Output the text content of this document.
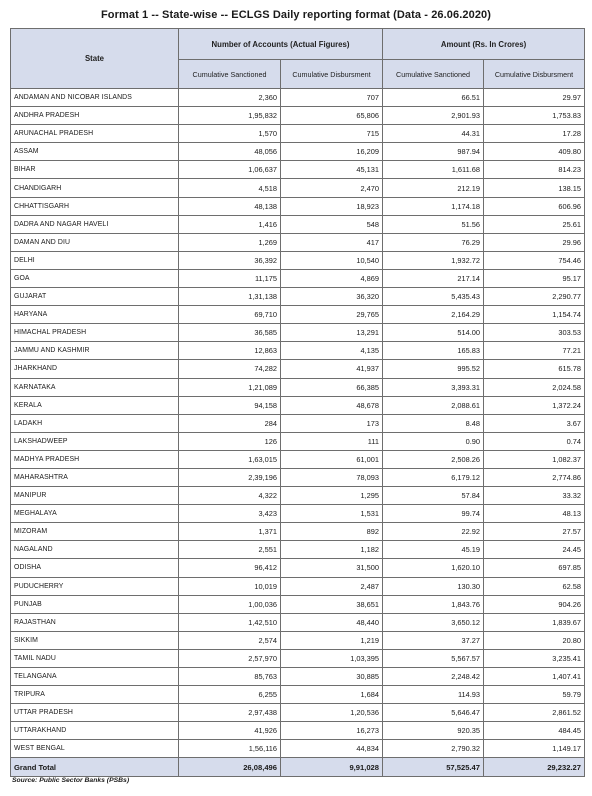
Format 1 -- State-wise -- ECLGS Daily reporting format (Data - 26.06.2020)
State	Number of Accounts (Actual Figures)		Amount (Rs. In Crores)	
	Cumulative Sanctioned	Cumulative Disbursment	Cumulative Sanctioned	Cumulative Disbursment
ANDAMAN AND NICOBAR ISLANDS	2,360	707	66.51	29.97
ANDHRA PRADESH	1,95,832	65,806	2,901.93	1,753.83
ARUNACHAL PRADESH	1,570	715	44.31	17.28
ASSAM	48,056	16,209	987.94	409.80
BIHAR	1,06,637	45,131	1,611.68	814.23
CHANDIGARH	4,518	2,470	212.19	138.15
CHHATTISGARH	48,138	18,923	1,174.18	606.96
DADRA AND NAGAR HAVELI	1,416	548	51.56	25.61
DAMAN AND DIU	1,269	417	76.29	29.96
DELHI	36,392	10,540	1,932.72	754.46
GOA	11,175	4,869	217.14	95.17
GUJARAT	1,31,138	36,320	5,435.43	2,290.77
HARYANA	69,710	29,765	2,164.29	1,154.74
HIMACHAL PRADESH	36,585	13,291	514.00	303.53
JAMMU AND KASHMIR	12,863	4,135	165.83	77.21
JHARKHAND	74,282	41,937	995.52	615.78
KARNATAKA	1,21,089	66,385	3,393.31	2,024.58
KERALA	94,158	48,678	2,088.61	1,372.24
LADAKH	284	173	8.48	3.67
LAKSHADWEEP	126	111	0.90	0.74
MADHYA PRADESH	1,63,015	61,001	2,508.26	1,082.37
MAHARASHTRA	2,39,196	78,093	6,179.12	2,774.86
MANIPUR	4,322	1,295	57.84	33.32
MEGHALAYA	3,423	1,531	99.74	48.13
MIZORAM	1,371	892	22.92	27.57
NAGALAND	2,551	1,182	45.19	24.45
ODISHA	96,412	31,500	1,620.10	697.85
PUDUCHERRY	10,019	2,487	130.30	62.58
PUNJAB	1,00,036	38,651	1,843.76	904.26
RAJASTHAN	1,42,510	48,440	3,650.12	1,839.67
SIKKIM	2,574	1,219	37.27	20.80
TAMIL NADU	2,57,970	1,03,395	5,567.57	3,235.41
TELANGANA	85,763	30,885	2,248.42	1,407.41
TRIPURA	6,255	1,684	114.93	59.79
UTTAR PRADESH	2,97,438	1,20,536	5,646.47	2,861.52
UTTARAKHAND	41,926	16,273	920.35	484.45
WEST BENGAL	1,56,116	44,834	2,790.32	1,149.17
Grand Total	26,08,496	9,91,028	57,525.47	29,232.27
Source: Public Sector Banks (PSBs)
